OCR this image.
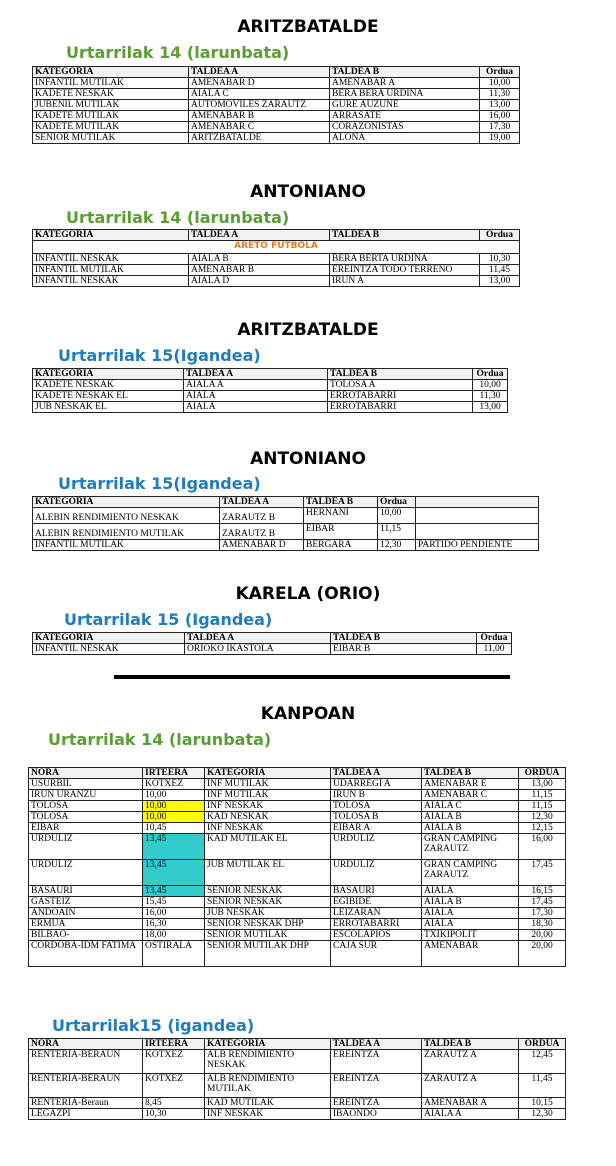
ARITZBATALDE
Urtarrilak 14 (larunbata)
KATEGORIA	TALDEA A	TALDEA B	Ordua
INFANTIL MUTILAK	AMENABAR D	AMENABAR A	10,00
KADETE NESKAK	AIALA C	BERA BERA URDIÑA	11,30
JUBENIL MUTILAK	AUTOMOVILES ZARAUTZ	GURE AUZUNE	13,00
KADETE MUTILAK	AMENABAR B	ARRASATE	16,00
KADETE MUTILAK	AMENABAR C	CORAZONISTAS	17,30
SENIOR MUTILAK	ARITZBATALDE	ALOÑA	19,00
ANTONIANO
Urtarrilak 14 (larunbata)
KATEGORIA	TALDEA A	TALDEA B	Ordua
ARETO FUTBOLA			
INFANTIL NESKAK	AIALA B	BERA BERTA URDIÑA	10,30
INFANTIL MUTILAK	AMENABAR B	EREINTZA TODO TERRENO	11,45
INFANTIL NESKAK	AIALA D	IRUN A	13,00
ARITZBATALDE
Urtarrilak 15(Igandea)
KATEGORIA	TALDEA A	TALDEA B	Ordua
KADETE NESKAK	AIALA A	TOLOSA A	10,00
KADETE NESKAK EL	AIALA	ERROTABARRI	11,30
JUB NESKAK EL	AIALA	ERROTABARRI	13,00
ANTONIANO
Urtarrilak 15(Igandea)
KATEGORIA	TALDEA A	TALDEA B	Ordua	
ALEBIN RENDIMIENTO NESKAK	ZARAUTZ B	HERNANI	10,00	
ALEBIN RENDIMIENTO MUTILAK	ZARAUTZ B	EIBAR	11,15	
INFANTIL MUTILAK	AMENABAR D	BERGARA	12,30	PARTIDO PENDIENTE
KARELA (ORIO)
Urtarrilak 15 (Igandea)
KATEGORIA	TALDEA A	TALDEA B	Ordua
INFANTIL NESKAK	ORIOKO IKASTOLA	EIBAR B	11,00
KANPOAN
Urtarrilak 14 (larunbata)
NORA	IRTEERA	KATEGORIA	TALDEA A	TALDEA B	ORDUA
USURBIL	KOTXEZ	INF MUTILAK	UDARREGI A	AMENABAR E	13,00
IRUN URANZU	10,00	INF MUTILAK	IRUN B	AMENABAR C	11,15
TOLOSA	10,00	INF NESKAK	TOLOSA	AIALA C	11,15
TOLOSA	10,00	KAD NESKAK	TOLOSA B	AIALA B	12,30
EIBAR	10,45	INF NESKAK	EIBAR A	AIALA B	12,15
URDULIZ	13,45	KAD MUTILAK EL	URDULIZ	GRAN CAMPING ZARAUTZ	16,00
URDULIZ	13,45	JUB MUTILAK EL	URDULIZ	GRAN CAMPING ZARAUTZ	17,45
BASAURI	13,45	SENIOR NESKAK	BASAURI	AIALA	16,15
GASTEIZ	15,45	SENIOR NESKAK	EGIBIDE	AIALA B	17,45
ANDOAIN	16,00	JUB NESKAK	LEIZARAN	AIALA	17,30
ERMUA	16,30	SENIOR NESKAK DHP	ERROTABARRI	AIALA	18,30
BILBAO-	18,00	SENIOR MUTILAK	ESCOLAPIOS	TXIKIPOLIT	20,00
CORDOBA-IDM FATIMA	OSTIRALA	SENIOR MUTILAK DHP	CAJA SUR	AMENABAR	20,00
Urtarrilak15 (igandea)
NORA	IRTEERA	KATEGORIA	TALDEA A	TALDEA B	ORDUA
RENTERIA-BERAUN	KOTXEZ	ALB RENDIMIENTO NESKAK	EREINTZA	ZARAUTZ A	12,45
RENTERIA-BERAUN	KOTXEZ	ALB RENDIMIENTO MUTILAK	EREINTZA	ZARAUTZ A	11,45
RENTERIA-Beraun	8,45	KAD MUTILAK	EREINTZA	AMENABAR A	10,15
LEGAZPI	10,30	INF NESKAK	IBAONDO	AIALA A	12,30
